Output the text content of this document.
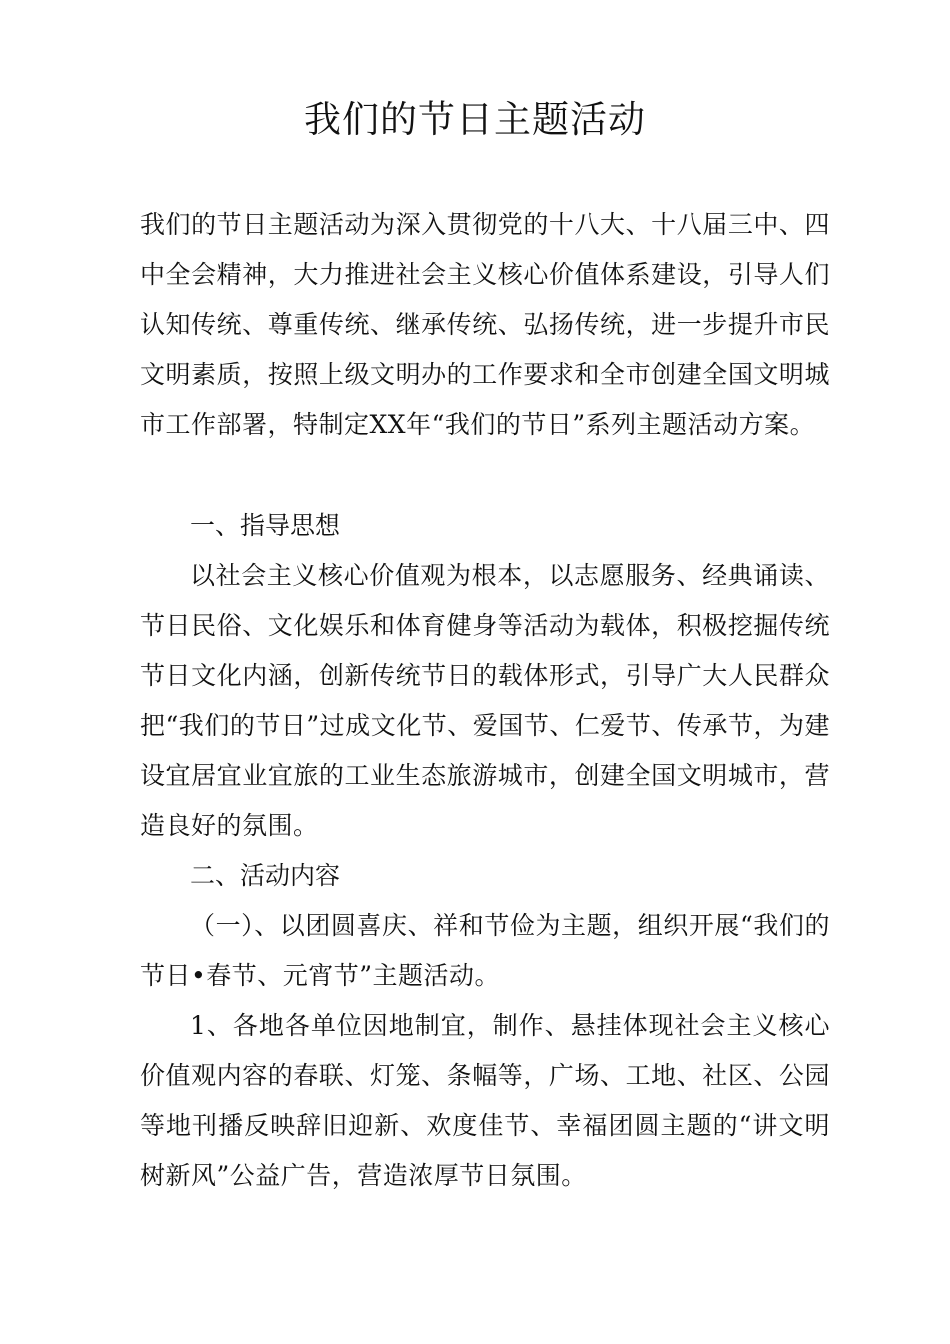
我们的节日主题活动

我们的节日主题活动为深入贯彻党的十八大、十八届三中、四中全会精神，大力推进社会主义核心价值体系建设，引导人们认知传统、尊重传统、继承传统、弘扬传统，进一步提升市民文明素质，按照上级文明办的工作要求和全市创建全国文明城市工作部署，特制定XX年“我们的节日”系列主题活动方案。

一、指导思想

以社会主义核心价值观为根本，以志愿服务、经典诵读、节日民俗、文化娱乐和体育健身等活动为载体，积极挖掘传统节日文化内涵，创新传统节日的载体形式，引导广大人民群众把“我们的节日”过成文化节、爱国节、仁爱节、传承节，为建设宜居宜业宜旅的工业生态旅游城市，创建全国文明城市，营造良好的氛围。

二、活动内容

（一）、以团圆喜庆、祥和节俭为主题，组织开展“我们的节日•春节、元宵节”主题活动。

1、各地各单位因地制宜，制作、悬挂体现社会主义核心价值观内容的春联、灯笼、条幅等，广场、工地、社区、公园等地刊播反映辞旧迎新、欢度佳节、幸福团圆主题的“讲文明树新风”公益广告，营造浓厚节日氛围。
